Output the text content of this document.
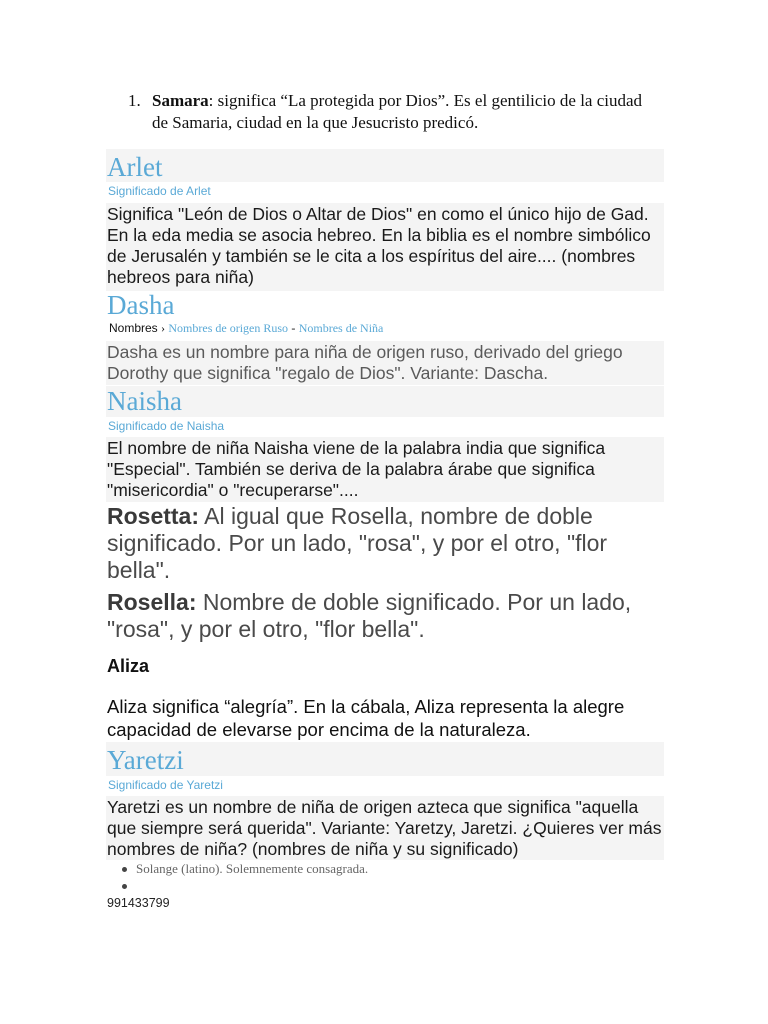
1. Samara: significa “La protegida por Dios”. Es el gentilicio de la ciudad de Samaria, ciudad en la que Jesucristo predicó.
Arlet
Significado de Arlet
Significa "León de Dios o Altar de Dios" en como el único hijo de Gad. En la eda media se asocia hebreo. En la biblia es el nombre simbólico de Jerusalén y también se le cita a los espíritus del aire.... (nombres hebreos para niña)
Dasha
Nombres › Nombres de origen Ruso - Nombres de Niña
Dasha es un nombre para niña de origen ruso, derivado del griego Dorothy que significa "regalo de Dios". Variante: Dascha.
Naisha
Significado de Naisha
El nombre de niña Naisha viene de la palabra india que significa "Especial". También se deriva de la palabra árabe que significa "misericordia" o "recuperarse"....
Rosetta: Al igual que Rosella, nombre de doble significado. Por un lado, "rosa", y por el otro, "flor bella".
Rosella: Nombre de doble significado. Por un lado, "rosa", y por el otro, "flor bella".
Aliza
Aliza significa “alegría”. En la cábala, Aliza representa la alegre capacidad de elevarse por encima de la naturaleza.
Yaretzi
Significado de Yaretzi
Yaretzi es un nombre de niña de origen azteca que significa "aquella que siempre será querida". Variante: Yaretzy, Jaretzi. ¿Quieres ver más nombres de niña? (nombres de niña y su significado)
Solange (latino). Solemnemente consagrada.
991433799
